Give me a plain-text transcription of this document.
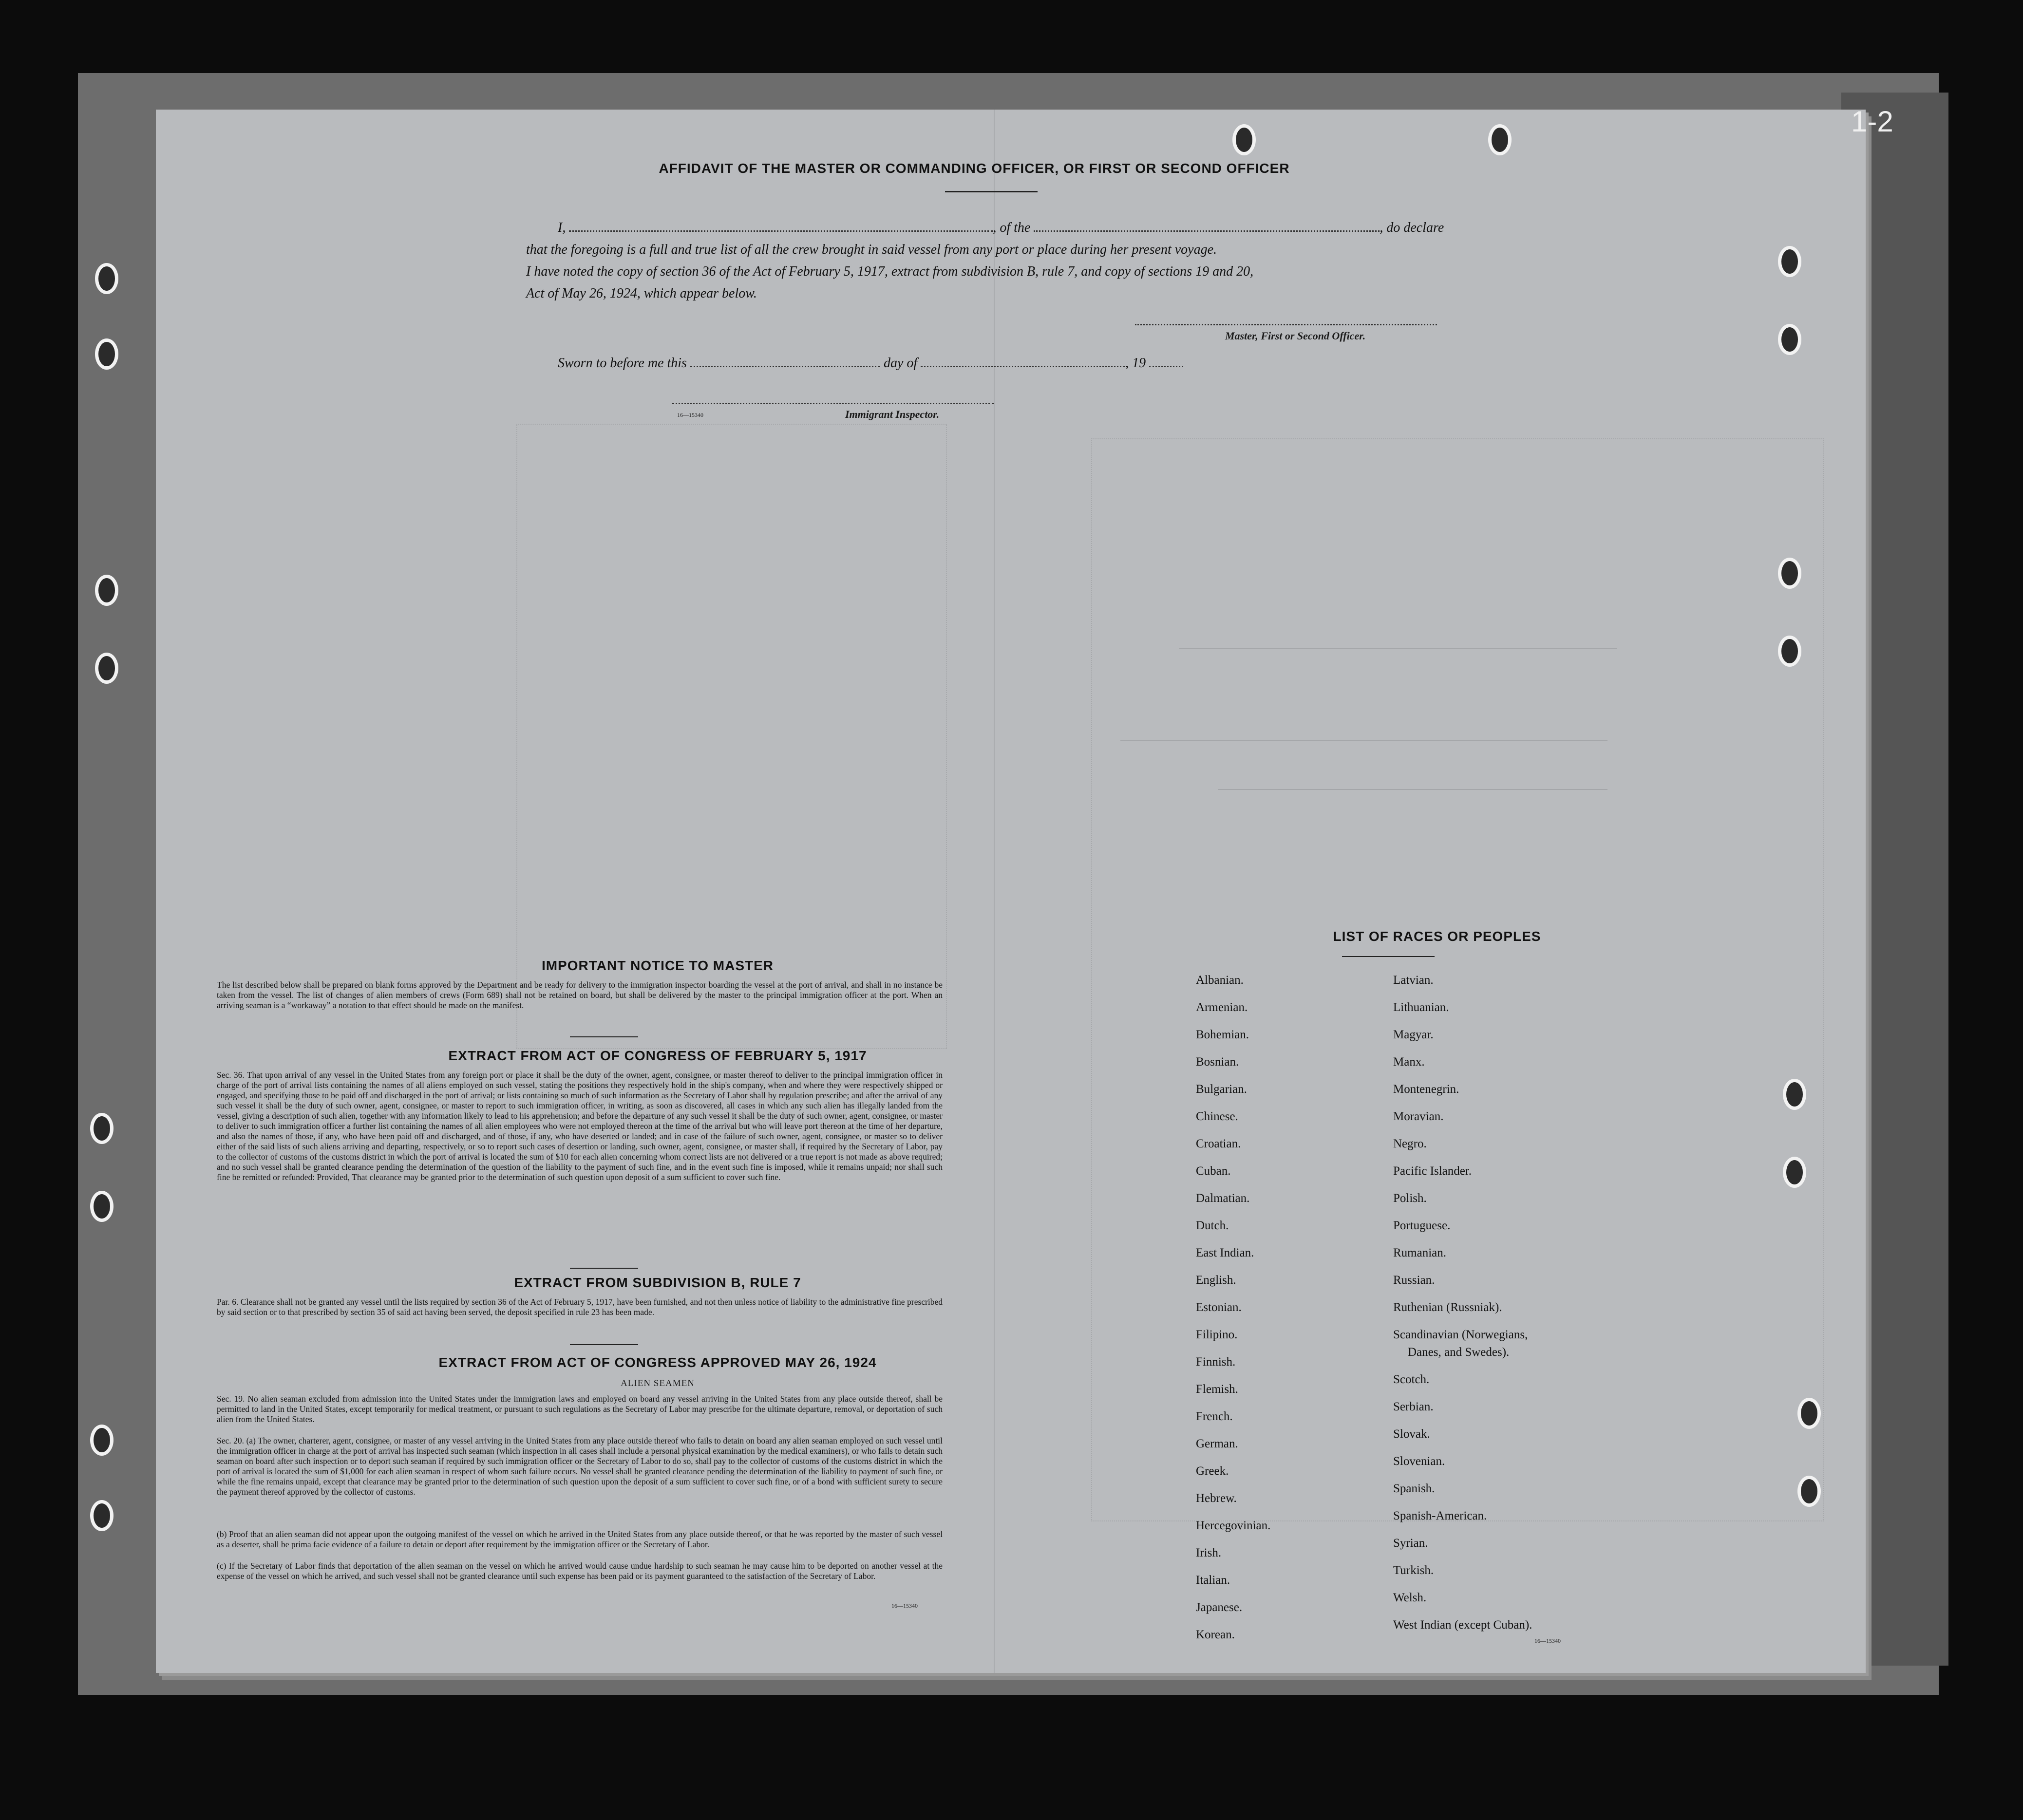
1-2
AFFIDAVIT OF THE MASTER OR COMMANDING OFFICER, OR FIRST OR SECOND OFFICER

I,	, of the	, do declare

that the foregoing is a full and true list of all the crew brought in said vessel from any port or place during her present voyage.

I have noted the copy of section 36 of the Act of February 5, 1917, extract from subdivision B, rule 7, and copy of sections 19 and 20,

Act of May 26, 1924, which appear below.

Sworn to before me this	day of	, 19

Master, First or Second Officer.
16—15340	Immigrant Inspector.
IMPORTANT NOTICE TO MASTER
The list described below shall be prepared on blank forms approved by the Department and be ready for delivery to the immigration inspector boarding the vessel at the port of arrival, and shall in no instance be taken from the vessel. The list of changes of alien members of crews (Form 689) shall not be retained on board, but shall be delivered by the master to the principal immigration officer at the port. When an arriving seaman is a “workaway” a notation to that effect should be made on the manifest.
EXTRACT FROM ACT OF CONGRESS OF FEBRUARY 5, 1917
Sec. 36. That upon arrival of any vessel in the United States from any foreign port or place it shall be the duty of the owner, agent, consignee, or master thereof to deliver to the principal immigration officer in charge of the port of arrival lists containing the names of all aliens employed on such vessel, stating the positions they respectively hold in the ship's company, when and where they were respectively shipped or engaged, and specifying those to be paid off and discharged in the port of arrival; or lists containing so much of such information as the Secretary of Labor shall by regulation prescribe; and after the arrival of any such vessel it shall be the duty of such owner, agent, consignee, or master to report to such immigration officer, in writing, as soon as discovered, all cases in which any such alien has illegally landed from the vessel, giving a description of such alien, together with any information likely to lead to his apprehension; and before the departure of any such vessel it shall be the duty of such owner, agent, consignee, or master to deliver to such immigration officer a further list containing the names of all alien employees who were not employed thereon at the time of the arrival but who will leave port thereon at the time of her departure, and also the names of those, if any, who have been paid off and discharged, and of those, if any, who have deserted or landed; and in case of the failure of such owner, agent, consignee, or master so to deliver either of the said lists of such aliens arriving and departing, respectively, or so to report such cases of desertion or landing, such owner, agent, consignee, or master shall, if required by the Secretary of Labor, pay to the collector of customs of the customs district in which the port of arrival is located the sum of $10 for each alien concerning whom correct lists are not delivered or a true report is not made as above required; and no such vessel shall be granted clearance pending the determination of the question of the liability to the payment of such fine, and in the event such fine is imposed, while it remains unpaid; nor shall such fine be remitted or refunded: Provided, That clearance may be granted prior to the determination of such question upon deposit of a sum sufficient to cover such fine.
EXTRACT FROM SUBDIVISION B, RULE 7
Par. 6. Clearance shall not be granted any vessel until the lists required by section 36 of the Act of February 5, 1917, have been furnished, and not then unless notice of liability to the administrative fine prescribed by said section or to that prescribed by section 35 of said act having been served, the deposit specified in rule 23 has been made.
EXTRACT FROM ACT OF CONGRESS APPROVED MAY 26, 1924
ALIEN SEAMEN
Sec. 19. No alien seaman excluded from admission into the United States under the immigration laws and employed on board any vessel arriving in the United States from any place outside thereof, shall be permitted to land in the United States, except temporarily for medical treatment, or pursuant to such regulations as the Secretary of Labor may prescribe for the ultimate departure, removal, or deportation of such alien from the United States.
Sec. 20. (a) The owner, charterer, agent, consignee, or master of any vessel arriving in the United States from any place outside thereof who fails to detain on board any alien seaman employed on such vessel until the immigration officer in charge at the port of arrival has inspected such seaman (which inspection in all cases shall include a personal physical examination by the medical examiners), or who fails to detain such seaman on board after such inspection or to deport such seaman if required by such immigration officer or the Secretary of Labor to do so, shall pay to the collector of customs of the customs district in which the port of arrival is located the sum of $1,000 for each alien seaman in respect of whom such failure occurs. No vessel shall be granted clearance pending the determination of the liability to payment of such fine, or while the fine remains unpaid, except that clearance may be granted prior to the determination of such question upon the deposit of a sum sufficient to cover such fine, or of a bond with sufficient surety to secure the payment thereof approved by the collector of customs.
(b) Proof that an alien seaman did not appear upon the outgoing manifest of the vessel on which he arrived in the United States from any place outside thereof, or that he was reported by the master of such vessel as a deserter, shall be prima facie evidence of a failure to detain or deport after requirement by the immigration officer or the Secretary of Labor.
(c) If the Secretary of Labor finds that deportation of the alien seaman on the vessel on which he arrived would cause undue hardship to such seaman he may cause him to be deported on another vessel at the expense of the vessel on which he arrived, and such vessel shall not be granted clearance until such expense has been paid or its payment guaranteed to the satisfaction of the Secretary of Labor.
16—15340
LIST OF RACES OR PEOPLES
Albanian.
Armenian.
Bohemian.
Bosnian.
Bulgarian.
Chinese.
Croatian.
Cuban.
Dalmatian.
Dutch.
East Indian.
English.
Estonian.
Filipino.
Finnish.
Flemish.
French.
German.
Greek.
Hebrew.
Hercegovinian.
Irish.
Italian.
Japanese.
Korean.
Latvian.
Lithuanian.
Magyar.
Manx.
Montenegrin.
Moravian.
Negro.
Pacific Islander.
Polish.
Portuguese.
Rumanian.
Russian.
Ruthenian (Russniak).
Scandinavian (Norwegians,
Danes, and Swedes).
Scotch.
Serbian.
Slovak.
Slovenian.
Spanish.
Spanish-American.
Syrian.
Turkish.
Welsh.
West Indian (except Cuban).
16—15340
